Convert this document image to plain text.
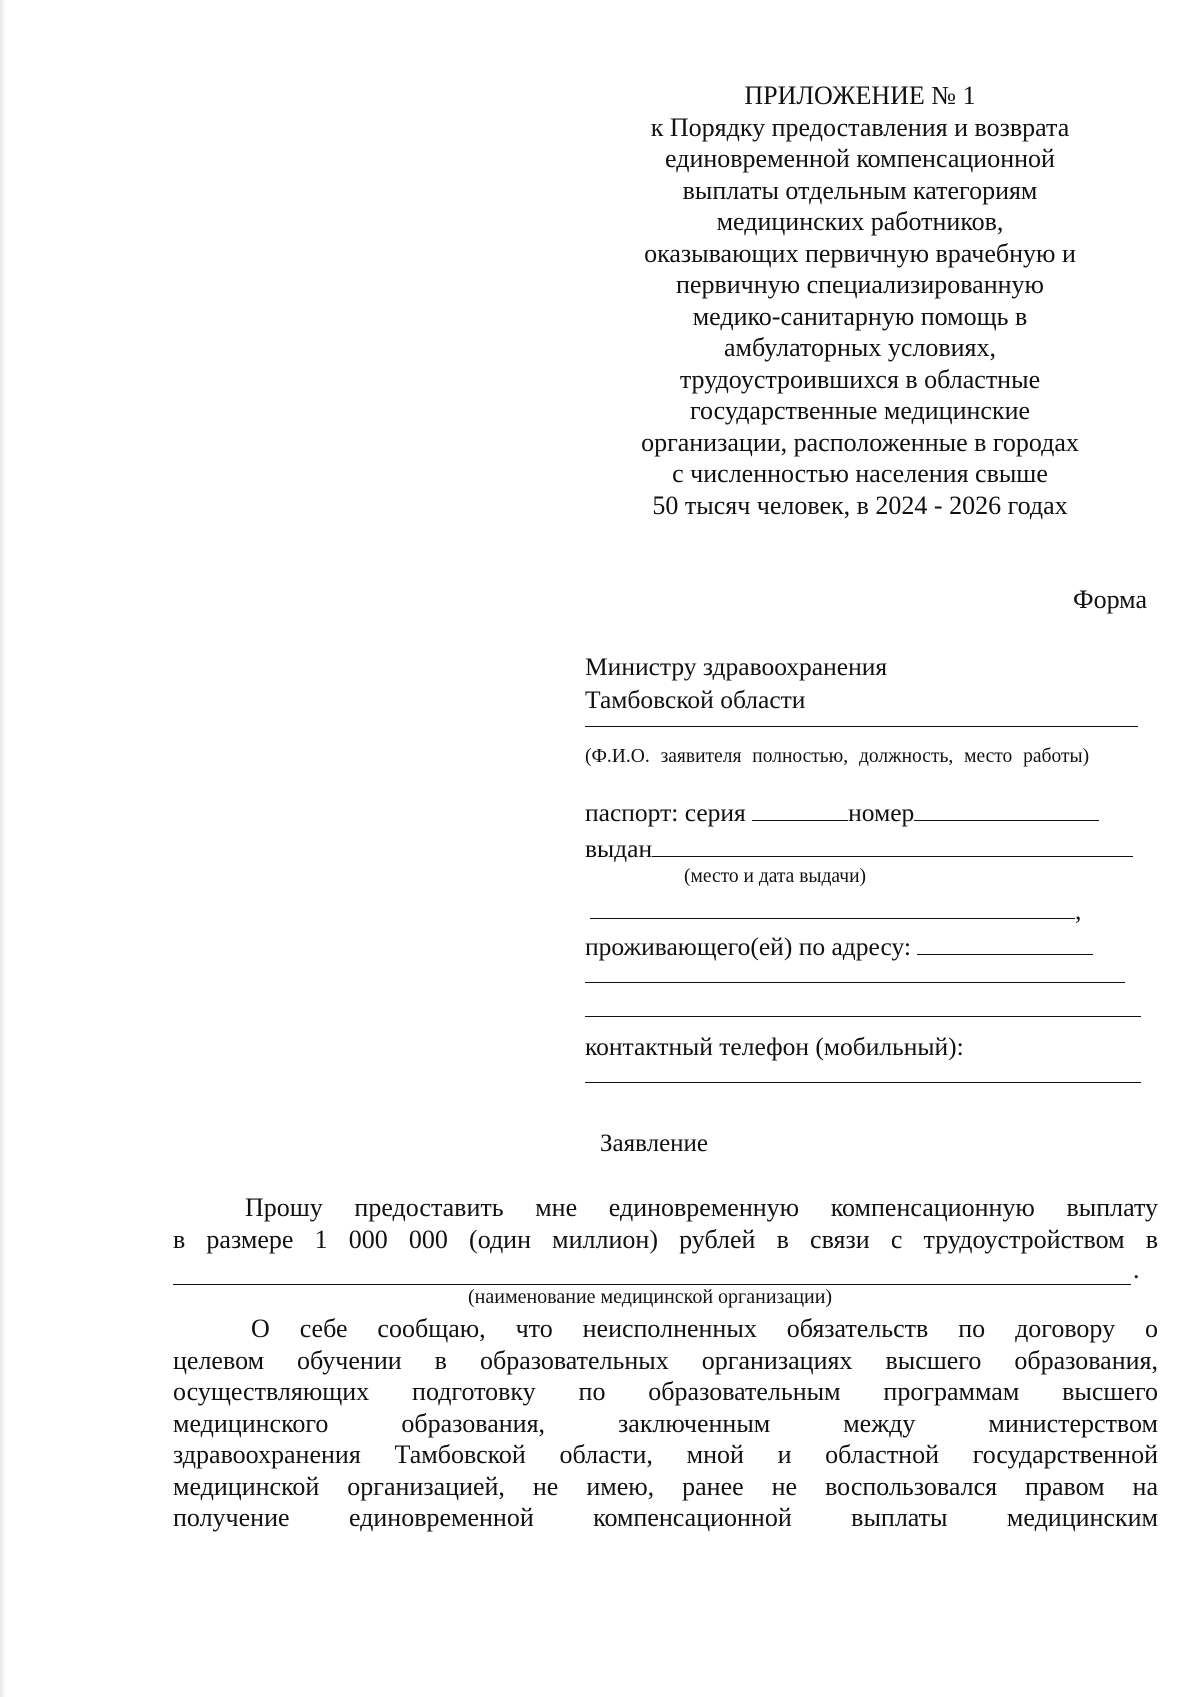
ПРИЛОЖЕНИЕ № 1
к Порядку предоставления и возврата
единовременной компенсационной
выплаты отдельным категориям
медицинских работников,
оказывающих первичную врачебную и
первичную специализированную
медико-санитарную помощь в
амбулаторных условиях,
трудоустроившихся в областные
государственные медицинские
организации, расположенные в городах
с численностью населения свыше
50 тысяч человек, в 2024 - 2026 годах
Форма
Министру здравоохранения
Тамбовской области
(Ф.И.О. заявителя полностью, должность, место работы)
паспорт: серия	номер
выдан
(место и дата выдачи)
,
проживающего(ей) по адресу:
контактный телефон (мобильный):
Заявление

Прошу предоставить мне единовременную компенсационную выплату

в размере 1 000 000 (один миллион) рублей в связи с трудоустройством в

.
(наименование медицинской организации)

О себе сообщаю, что неисполненных обязательств по договору о

целевом обучении в образовательных организациях высшего образования,

осуществляющих подготовку по образовательным программам высшего

медицинского образования, заключенным между министерством

здравоохранения Тамбовской области, мной и областной государственной

медицинской организацией, не имею, ранее не воспользовался правом на

получение единовременной компенсационной выплаты медицинским
